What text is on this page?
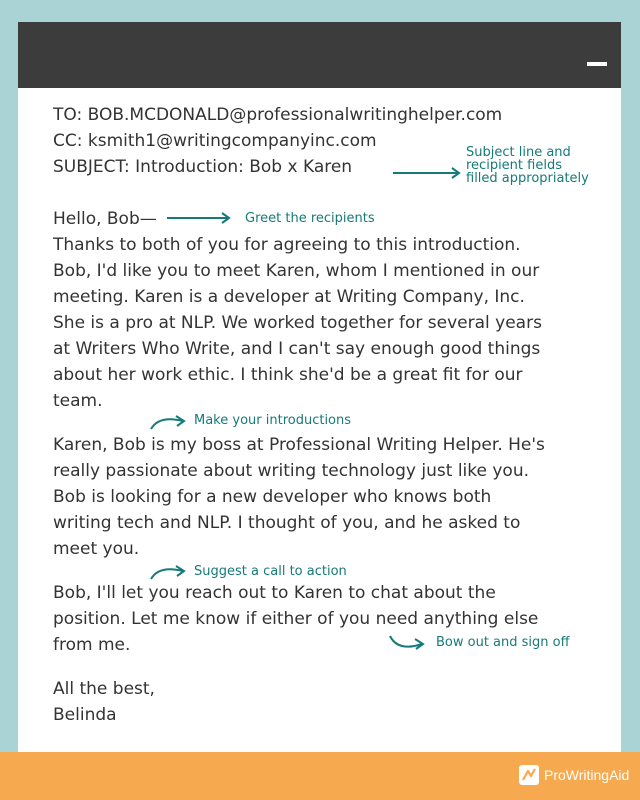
TO: BOB.MCDONALD@professionalwritinghelper.com
CC: ksmith1@writingcompanyinc.com
SUBJECT: Introduction: Bob x Karen
Hello, Bob—
Thanks to both of you for agreeing to this introduction.
Bob, I'd like you to meet Karen, whom I mentioned in our
meeting. Karen is a developer at Writing Company, Inc.
She is a pro at NLP. We worked together for several years
at Writers Who Write, and I can't say enough good things
about her work ethic. I think she'd be a great fit for our
team.
Karen, Bob is my boss at Professional Writing Helper. He's
really passionate about writing technology just like you.
Bob is looking for a new developer who knows both
writing tech and NLP. I thought of you, and he asked to
meet you.
Bob, I'll let you reach out to Karen to chat about the
position. Let me know if either of you need anything else
from me.
All the best,
Belinda
Subject line and
recipient fields
filled appropriately
Greet the recipients
Make your introductions
Suggest a call to action
Bow out and sign off
ProWritingAid
